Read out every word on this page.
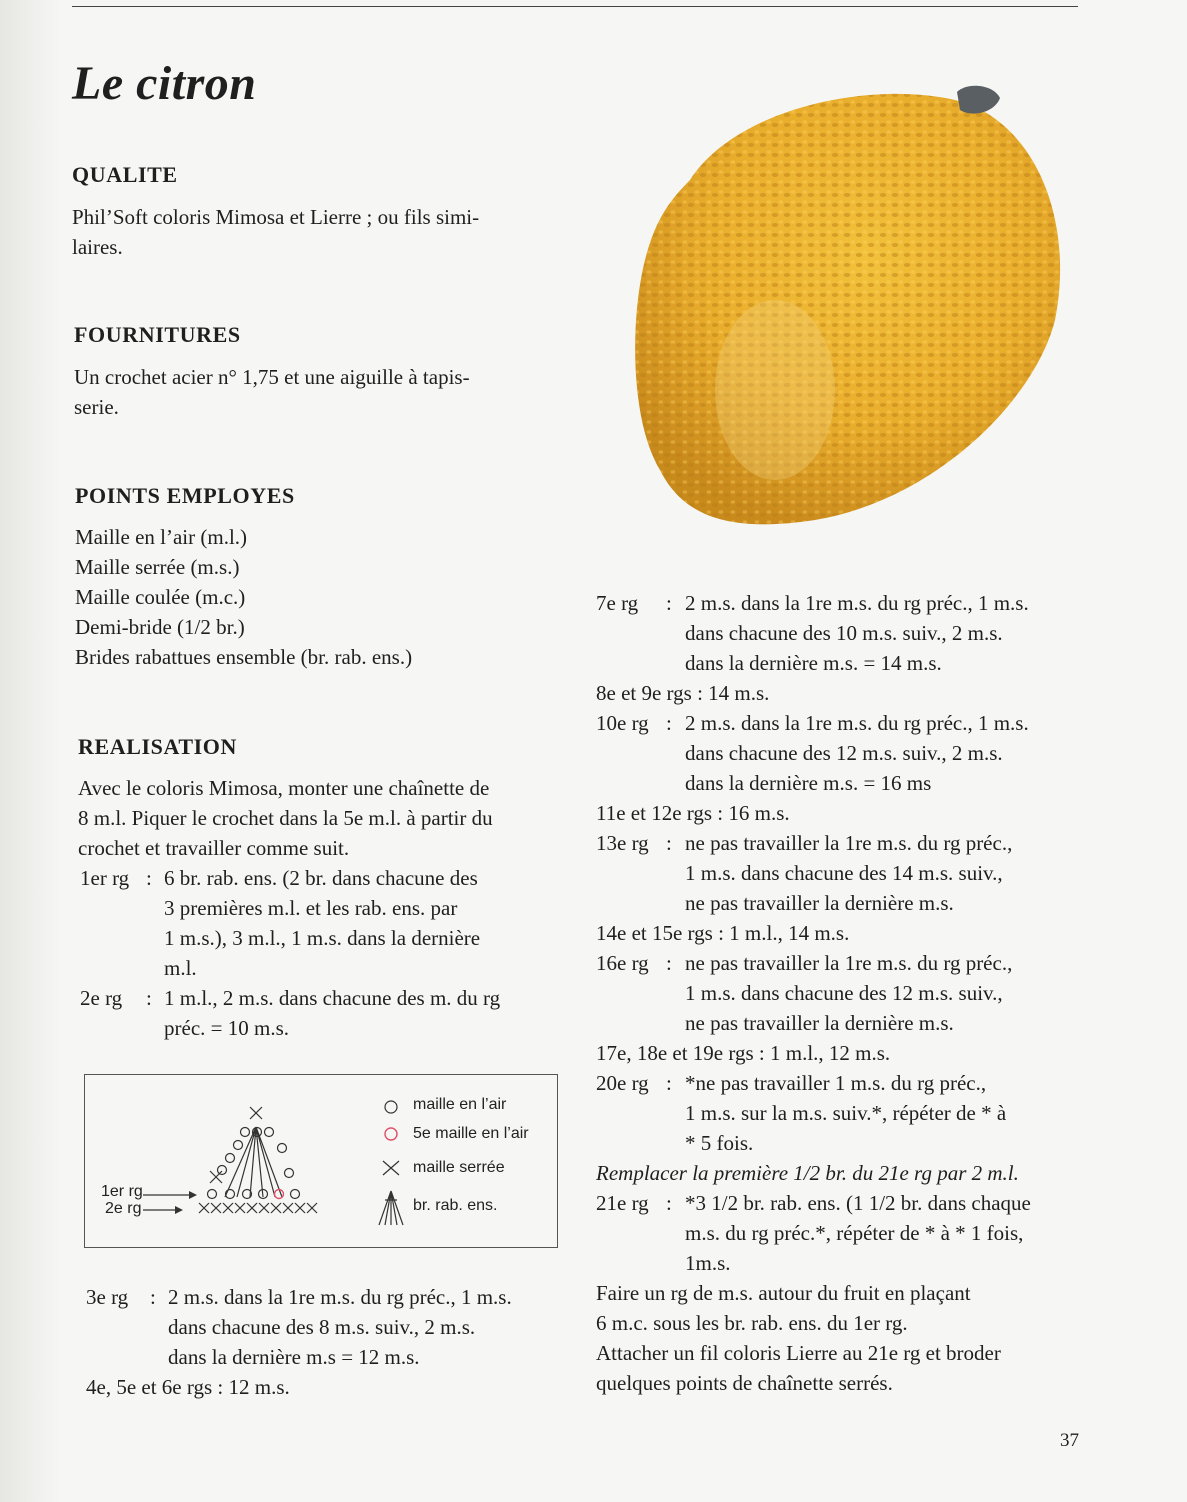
Le citron
QUALITE
Phil’Soft coloris Mimosa et Lierre ; ou fils simi-
laires.
FOURNITURES
Un crochet acier n° 1,75 et une aiguille à tapis-
serie.
POINTS EMPLOYES
Maille en l’air (m.l.)
Maille serrée (m.s.)
Maille coulée (m.c.)
Demi-bride (1/2 br.)
Brides rabattues ensemble (br. rab. ens.)
REALISATION
Avec le coloris Mimosa, monter une chaînette de
8 m.l. Piquer le crochet dans la 5e m.l. à partir du
crochet et travailler comme suit.
1er rg : 6 br. rab. ens. (2 br. dans chacune des
3 premières m.l. et les rab. ens. par
1 m.s.), 3 m.l., 1 m.s. dans la dernière
m.l.
2e rg : 1 m.l., 2 m.s. dans chacune des m. du rg
préc. = 10 m.s.
1er rg
2e rg
maille en l’air
5e maille en l’air
maille serrée
br. rab. ens.
3e rg : 2 m.s. dans la 1re m.s. du rg préc., 1 m.s.
dans chacune des 8 m.s. suiv., 2 m.s.
dans la dernière m.s = 12 m.s.
4e, 5e et 6e rgs : 12 m.s.
7e rg : 2 m.s. dans la 1re m.s. du rg préc., 1 m.s.
dans chacune des 10 m.s. suiv., 2 m.s.
dans la dernière m.s. = 14 m.s.
8e et 9e rgs : 14 m.s.
10e rg : 2 m.s. dans la 1re m.s. du rg préc., 1 m.s.
dans chacune des 12 m.s. suiv., 2 m.s.
dans la dernière m.s. = 16 ms
11e et 12e rgs : 16 m.s.
13e rg : ne pas travailler la 1re m.s. du rg préc.,
1 m.s. dans chacune des 14 m.s. suiv.,
ne pas travailler la dernière m.s.
14e et 15e rgs : 1 m.l., 14 m.s.
16e rg : ne pas travailler la 1re m.s. du rg préc.,
1 m.s. dans chacune des 12 m.s. suiv.,
ne pas travailler la dernière m.s.
17e, 18e et 19e rgs : 1 m.l., 12 m.s.
20e rg : *ne pas travailler 1 m.s. du rg préc.,
1 m.s. sur la m.s. suiv.*, répéter de * à
* 5 fois.
Remplacer la première 1/2 br. du 21e rg par 2 m.l.
21e rg : *3 1/2 br. rab. ens. (1 1/2 br. dans chaque
m.s. du rg préc.*, répéter de * à * 1 fois,
1m.s.
Faire un rg de m.s. autour du fruit en plaçant
6 m.c. sous les br. rab. ens. du 1er rg.
Attacher un fil coloris Lierre au 21e rg et broder
quelques points de chaînette serrés.
37
